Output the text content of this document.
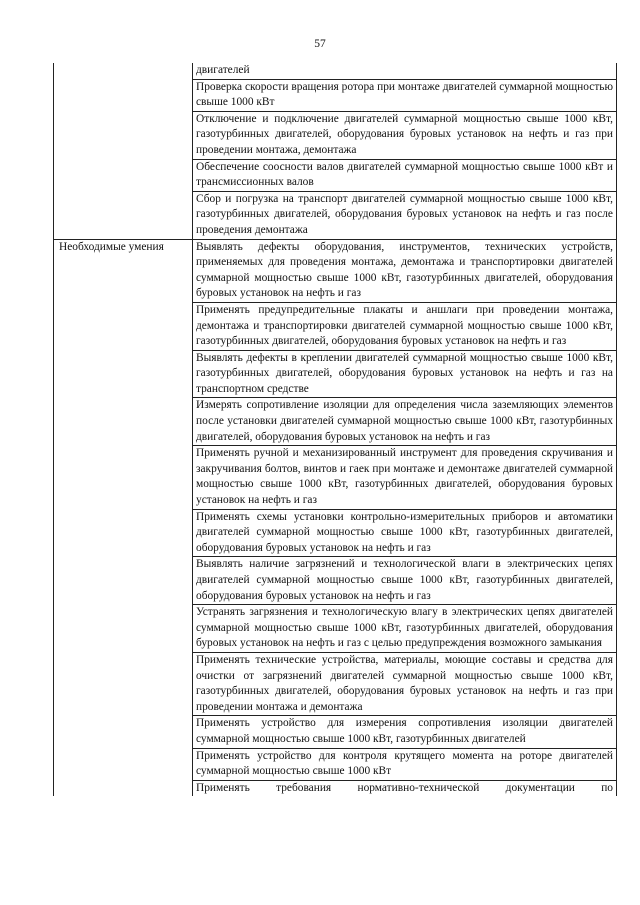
57

	двигателей

	Проверка скорости вращения ротора при монтаже двигателей суммарной мощностью свыше 1000 кВт

	Отключение и подключение двигателей суммарной мощностью свыше 1000 кВт, газотурбинных двигателей, оборудования буровых установок на нефть и газ при проведении монтажа, демонтажа

	Обеспечение соосности валов двигателей суммарной мощностью свыше 1000 кВт и трансмиссионных валов

	Сбор и погрузка на транспорт двигателей суммарной мощностью свыше 1000 кВт, газотурбинных двигателей, оборудования буровых установок на нефть и газ после проведения демонтажа

Необходимые умения	Выявлять дефекты оборудования, инструментов, технических устройств, применяемых для проведения монтажа, демонтажа и транспортировки двигателей суммарной мощностью свыше 1000 кВт, газотурбинных двигателей, оборудования буровых установок на нефть и газ

	Применять предупредительные плакаты и аншлаги при проведении монтажа, демонтажа и транспортировки двигателей суммарной мощностью свыше 1000 кВт, газотурбинных двигателей, оборудования буровых установок на нефть и газ

	Выявлять дефекты в креплении двигателей суммарной мощностью свыше 1000 кВт, газотурбинных двигателей, оборудования буровых установок на нефть и газ на транспортном средстве

	Измерять сопротивление изоляции для определения числа заземляющих элементов после установки двигателей суммарной мощностью свыше 1000 кВт, газотурбинных двигателей, оборудования буровых установок на нефть и газ

	Применять ручной и механизированный инструмент для проведения скручивания и закручивания болтов, винтов и гаек при монтаже и демонтаже двигателей суммарной мощностью свыше 1000 кВт, газотурбинных двигателей, оборудования буровых установок на нефть и газ

	Применять схемы установки контрольно-измерительных приборов и автоматики двигателей суммарной мощностью свыше 1000 кВт, газотурбинных двигателей, оборудования буровых установок на нефть и газ

	Выявлять наличие загрязнений и технологической влаги в электрических цепях двигателей суммарной мощностью свыше 1000 кВт, газотурбинных двигателей, оборудования буровых установок на нефть и газ

	Устранять загрязнения и технологическую влагу в электрических цепях двигателей суммарной мощностью свыше 1000 кВт, газотурбинных двигателей, оборудования буровых установок на нефть и газ с целью предупреждения возможного замыкания

	Применять технические устройства, материалы, моющие составы и средства для очистки от загрязнений двигателей суммарной мощностью свыше 1000 кВт, газотурбинных двигателей, оборудования буровых установок на нефть и газ при проведении монтажа и демонтажа

	Применять устройство для измерения сопротивления изоляции двигателей суммарной мощностью свыше 1000 кВт, газотурбинных двигателей

	Применять устройство для контроля крутящего момента на роторе двигателей суммарной мощностью свыше 1000 кВт

	Применять требования нормативно-технической документации по
